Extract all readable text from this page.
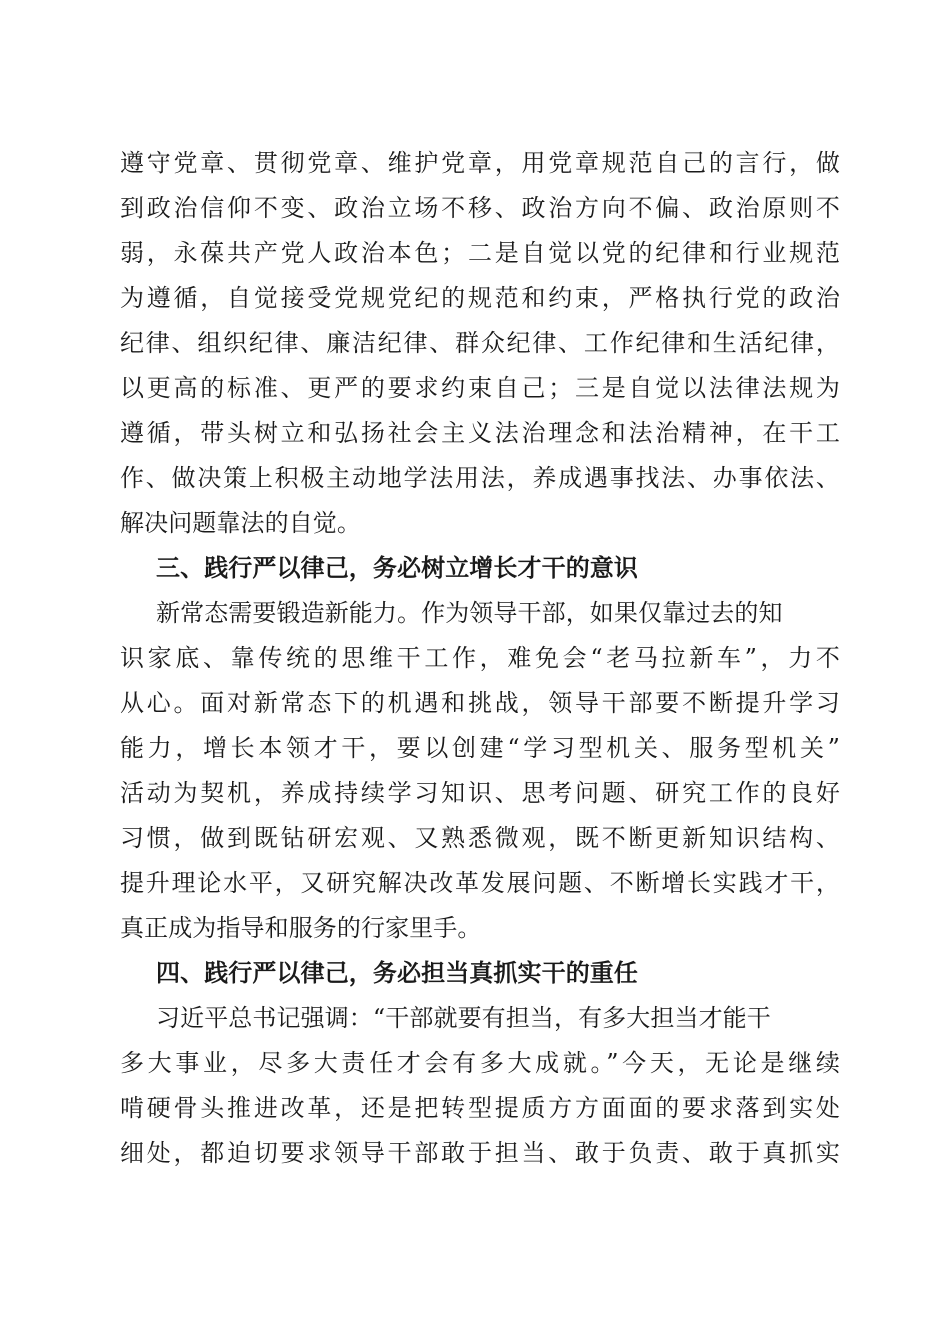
遵守党章、贯彻党章、维护党章，用党章规范自己的言行，做
到政治信仰不变、政治立场不移、政治方向不偏、政治原则不
弱，永葆共产党人政治本色；二是自觉以党的纪律和行业规范
为遵循，自觉接受党规党纪的规范和约束，严格执行党的政治
纪律、组织纪律、廉洁纪律、群众纪律、工作纪律和生活纪律，
以更高的标准、更严的要求约束自己；三是自觉以法律法规为
遵循，带头树立和弘扬社会主义法治理念和法治精神，在干工
作、做决策上积极主动地学法用法，养成遇事找法、办事依法、
解决问题靠法的自觉。
三、践行严以律己，务必树立增长才干的意识
新常态需要锻造新能力。作为领导干部，如果仅靠过去的知
识家底、靠传统的思维干工作，难免会“老马拉新车”，力不
从心。面对新常态下的机遇和挑战，领导干部要不断提升学习
能力，增长本领才干，要以创建“学习型机关、服务型机关”
活动为契机，养成持续学习知识、思考问题、研究工作的良好
习惯，做到既钻研宏观、又熟悉微观，既不断更新知识结构、
提升理论水平，又研究解决改革发展问题、不断增长实践才干，
真正成为指导和服务的行家里手。
四、践行严以律己，务必担当真抓实干的重任
习近平总书记强调：“干部就要有担当，有多大担当才能干
多大事业，尽多大责任才会有多大成就。”今天，无论是继续
啃硬骨头推进改革，还是把转型提质方方面面的要求落到实处
细处，都迫切要求领导干部敢于担当、敢于负责、敢于真抓实
